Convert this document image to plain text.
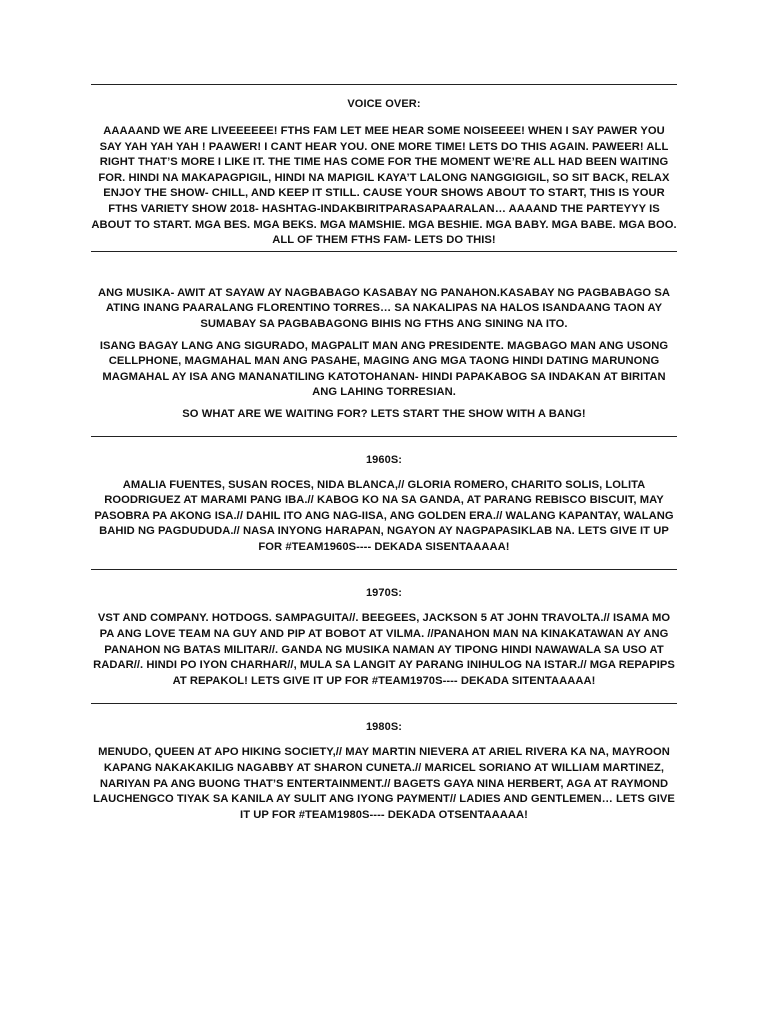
VOICE OVER:

AAAAAND WE ARE LIVEEEEEE! FTHS FAM LET MEE HEAR SOME NOISEEEE! WHEN I SAY PAWER YOU SAY YAH YAH YAH ! PAAWER! I CANT HEAR YOU. ONE MORE TIME! LETS DO THIS AGAIN. PAWEER! ALL RIGHT THAT’S MORE I LIKE IT. THE TIME HAS COME FOR THE MOMENT WE’RE ALL HAD BEEN WAITING FOR. HINDI NA MAKAPAGPIGIL, HINDI NA MAPIGIL KAYA’T LALONG NANGGIGIGIL, SO SIT BACK, RELAX ENJOY THE SHOW- CHILL, AND KEEP IT STILL. CAUSE YOUR SHOWS ABOUT TO START, THIS IS YOUR FTHS VARIETY SHOW 2018- HASHTAG-INDAKBIRITPARASAPAARALAN… AAAAND THE PARTEYYY IS ABOUT TO START. MGA BES. MGA BEKS. MGA MAMSHIE. MGA BESHIE. MGA BABY. MGA BABE. MGA BOO. ALL OF THEM FTHS FAM- LETS DO THIS!

ANG MUSIKA- AWIT AT SAYAW AY NAGBABAGO KASABAY NG PANAHON.KASABAY NG PAGBABAGO SA ATING INANG PAARALANG FLORENTINO TORRES… SA NAKALIPAS NA HALOS ISANDAANG TAON AY SUMABAY SA PAGBABAGONG BIHIS NG FTHS ANG SINING NA ITO.

ISANG BAGAY LANG ANG SIGURADO, MAGPALIT MAN ANG PRESIDENTE. MAGBAGO MAN ANG USONG CELLPHONE, MAGMAHAL MAN ANG PASAHE, MAGING ANG MGA TAONG HINDI DATING MARUNONG MAGMAHAL AY ISA ANG MANANATILING KATOTOHANAN- HINDI PAPAKABOG SA INDAKAN AT BIRITAN ANG LAHING TORRESIAN.

SO WHAT ARE WE WAITING FOR? LETS START THE SHOW WITH A BANG!

1960S:

AMALIA FUENTES, SUSAN ROCES, NIDA BLANCA,// GLORIA ROMERO, CHARITO SOLIS, LOLITA ROODRIGUEZ AT MARAMI PANG IBA.// KABOG KO NA SA GANDA, AT PARANG REBISCO BISCUIT, MAY PASOBRA PA AKONG ISA.// DAHIL ITO ANG NAG-IISA, ANG GOLDEN ERA.// WALANG KAPANTAY, WALANG BAHID NG PAGDUDUDA.// NASA INYONG HARAPAN, NGAYON AY NAGPAPASIKLAB NA. LETS GIVE IT UP FOR #TEAM1960S---- DEKADA SISENTAAAAA!

1970S:

VST AND COMPANY. HOTDOGS. SAMPAGUITA//. BEEGEES, JACKSON 5 AT JOHN TRAVOLTA.// ISAMA MO PA ANG LOVE TEAM NA GUY AND PIP AT BOBOT AT VILMA. //PANAHON MAN NA KINAKATAWAN AY ANG PANAHON NG BATAS MILITAR//. GANDA NG MUSIKA NAMAN AY TIPONG HINDI NAWAWALA SA USO AT RADAR//. HINDI PO IYON CHARHAR//, MULA SA LANGIT AY PARANG INIHULOG NA ISTAR.// MGA REPAPIPS AT REPAKOL! LETS GIVE IT UP FOR #TEAM1970S---- DEKADA SITENTAAAAA!

1980S:

MENUDO, QUEEN AT APO HIKING SOCIETY,// MAY MARTIN NIEVERA AT ARIEL RIVERA KA NA, MAYROON KAPANG NAKAKAKILIG NAGABBY AT SHARON CUNETA.// MARICEL SORIANO AT WILLIAM MARTINEZ, NARIYAN PA ANG BUONG THAT’S ENTERTAINMENT.// BAGETS GAYA NINA HERBERT, AGA AT RAYMOND LAUCHENGCO TIYAK SA KANILA AY SULIT ANG IYONG PAYMENT// LADIES AND GENTLEMEN… LETS GIVE IT UP FOR #TEAM1980S---- DEKADA OTSENTAAAAA!
